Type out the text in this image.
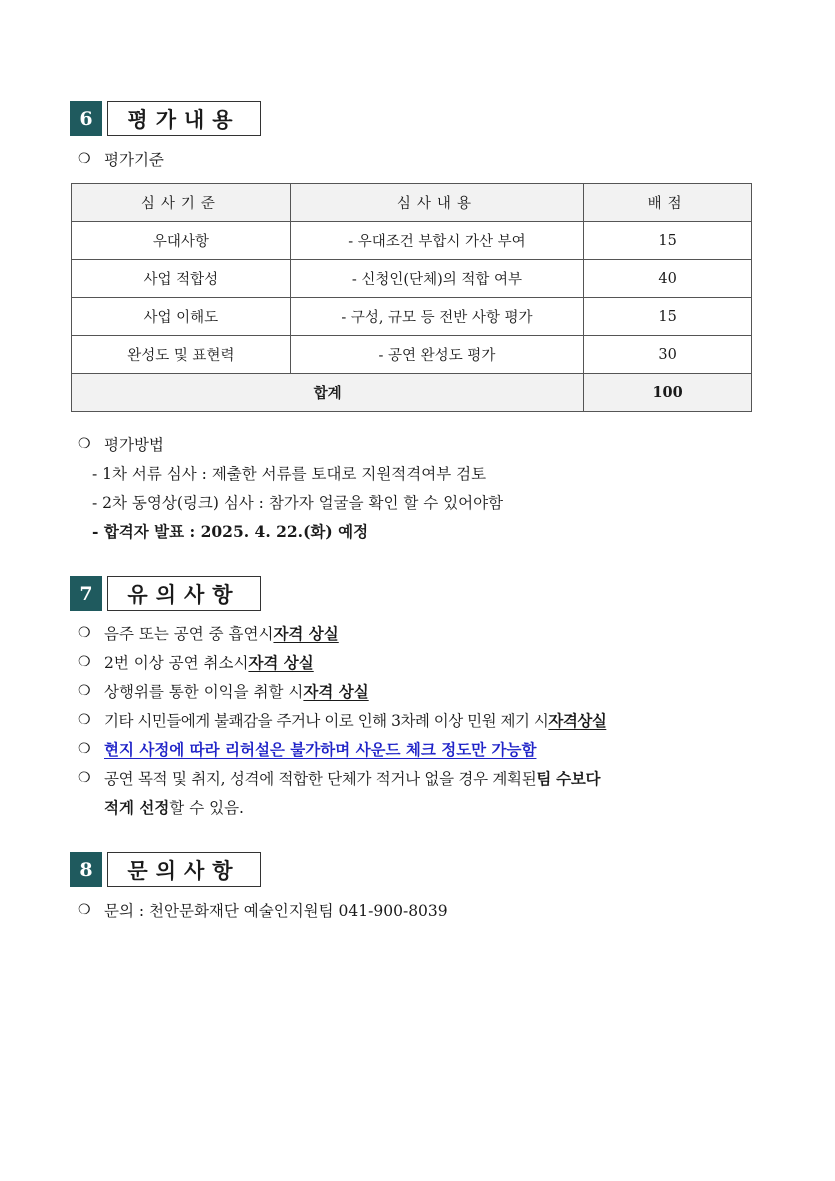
6	평가내용
❍ 평가기준
심사기준	심사내용	배점
우대사항	- 우대조건 부합시 가산 부여	15
사업 적합성	- 신청인(단체)의 적합 여부	40
사업 이해도	- 구성, 규모 등 전반 사항 평가	15
완성도 및 표현력	- 공연 완성도 평가	30
합계		100
❍ 평가방법
- 1차 서류 심사 : 제출한 서류를 토대로 지원적격여부 검토
- 2차 동영상(링크) 심사 : 참가자 얼굴을 확인 할 수 있어야함
- 합격자 발표 : 2025. 4. 22.(화) 예정
7	유의사항
❍ 음주 또는 공연 중 흡연시 자격 상실
❍ 2번 이상 공연 취소시 자격 상실
❍ 상행위를 통한 이익을 취할 시 자격 상실
❍ 기타 시민들에게 불쾌감을 주거나 이로 인해 3차례 이상 민원 제기 시 자격상실
❍ 현지 사정에 따라 리허설은 불가하며 사운드 체크 정도만 가능함
❍ 공연 목적 및 취지, 성격에 적합한 단체가 적거나 없을 경우 계획된 팀 수보다
적게 선정 할 수 있음.
8	문의사항
❍ 문의 : 천안문화재단 예술인지원팀 041-900-8039
